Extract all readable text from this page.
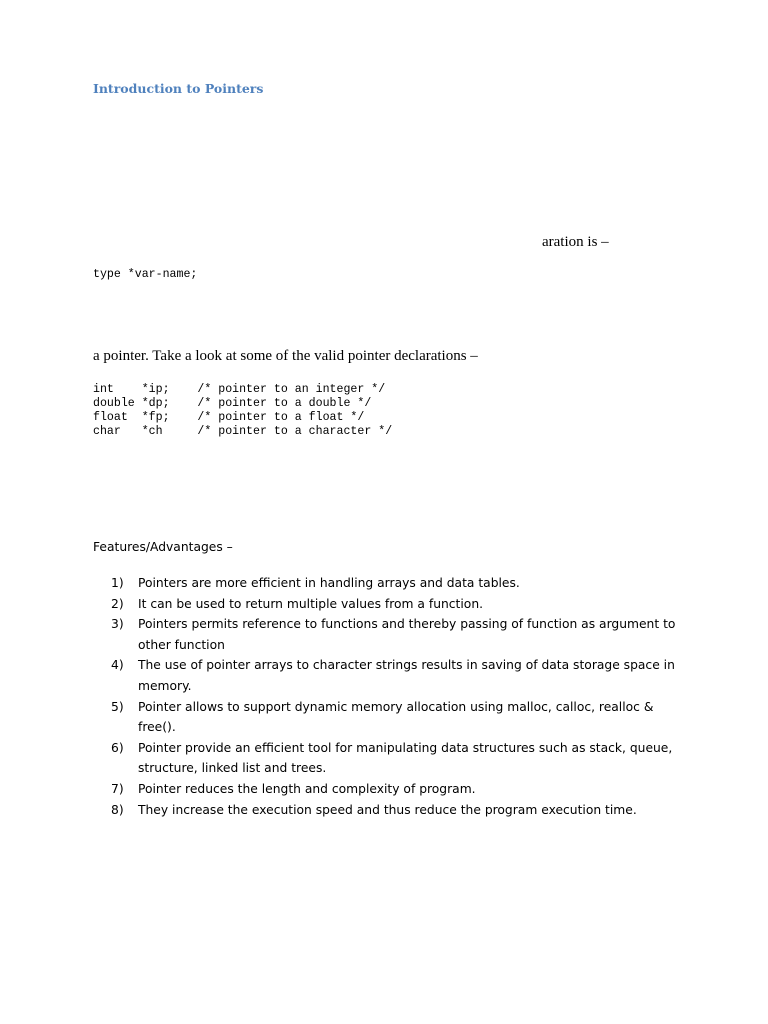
Introduction to Pointers
aration is –
type *var-name;
a pointer. Take a look at some of the valid pointer declarations –
int    *ip;    /* pointer to an integer */
double *dp;    /* pointer to a double */
float  *fp;    /* pointer to a float */
char   *ch     /* pointer to a character */
Features/Advantages –
1)	Pointers are more efficient in handling arrays and data tables.
2)	It can be used to return multiple values from a function.
3)	Pointers permits reference to functions and thereby passing of function as argument to other function
4)	The use of pointer arrays to character strings results in saving of data storage space in memory.
5)	Pointer allows to support dynamic memory allocation using malloc, calloc, realloc & free().
6)	Pointer provide an efficient tool for manipulating data structures such as stack, queue, structure, linked list and trees.
7)	Pointer reduces the length and complexity of program.
8)	They increase the execution speed and thus reduce the program execution time.
